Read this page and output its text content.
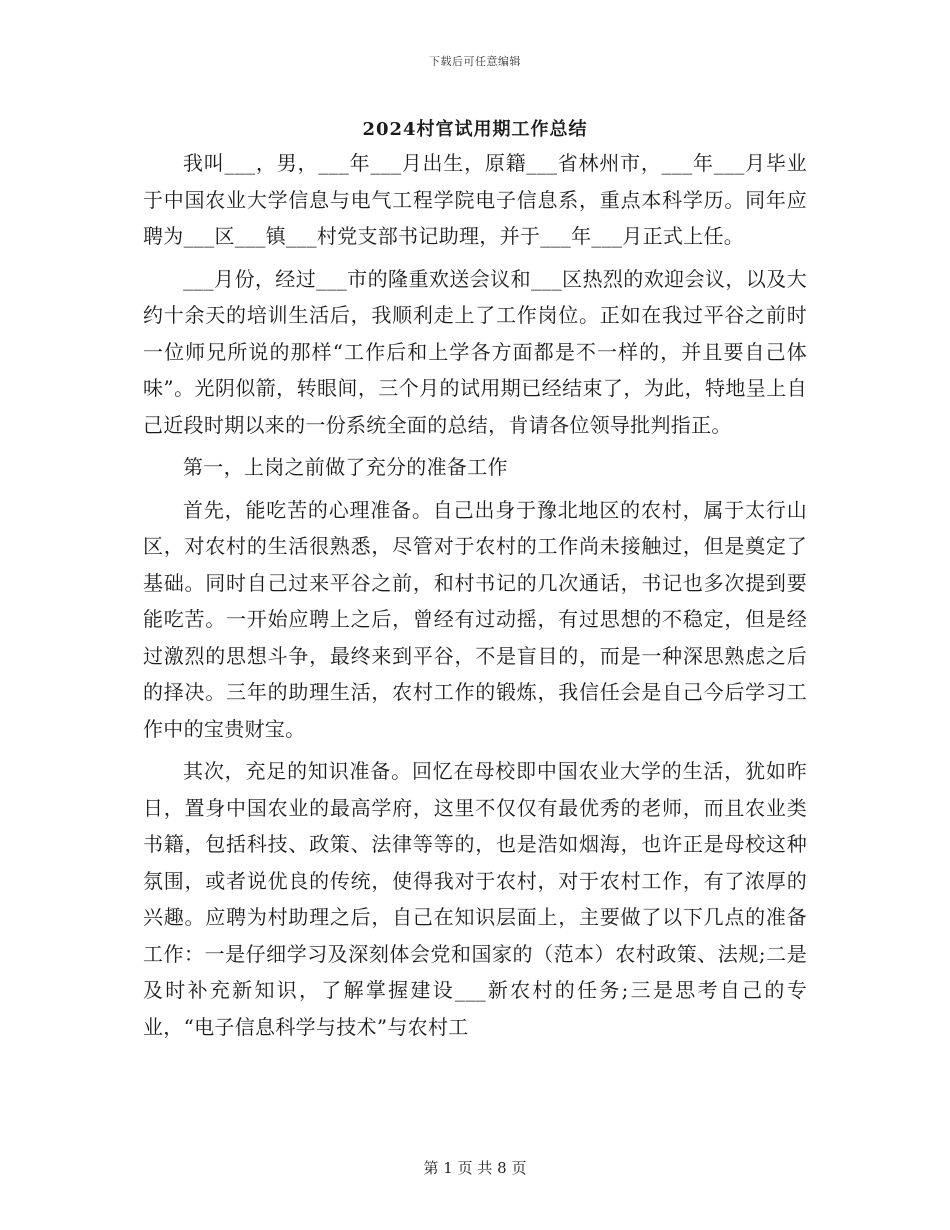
下载后可任意编辑
2024村官试用期工作总结

我叫___，男，___年___月出生，原籍___省林州市，___年___月毕业于中国农业大学信息与电气工程学院电子信息系，重点本科学历。同年应聘为___区___镇___村党支部书记助理，并于___年___月正式上任。

___月份，经过___市的隆重欢送会议和___区热烈的欢迎会议，以及大约十余天的培训生活后，我顺利走上了工作岗位。正如在我过平谷之前时一位师兄所说的那样“工作后和上学各方面都是不一样的，并且要自己体味”。光阴似箭，转眼间，三个月的试用期已经结束了，为此，特地呈上自己近段时期以来的一份系统全面的总结，肯请各位领导批判指正。

第一，上岗之前做了充分的准备工作

首先，能吃苦的心理准备。自己出身于豫北地区的农村，属于太行山区，对农村的生活很熟悉，尽管对于农村的工作尚未接触过，但是奠定了基础。同时自己过来平谷之前，和村书记的几次通话，书记也多次提到要能吃苦。一开始应聘上之后，曾经有过动摇，有过思想的不稳定，但是经过激烈的思想斗争，最终来到平谷，不是盲目的，而是一种深思熟虑之后的择决。三年的助理生活，农村工作的锻炼，我信任会是自己今后学习工作中的宝贵财宝。

其次，充足的知识准备。回忆在母校即中国农业大学的生活，犹如昨日，置身中国农业的最高学府，这里不仅仅有最优秀的老师，而且农业类书籍，包括科技、政策、法律等等的，也是浩如烟海，也许正是母校这种氛围，或者说优良的传统，使得我对于农村，对于农村工作，有了浓厚的兴趣。应聘为村助理之后，自己在知识层面上，主要做了以下几点的准备工作：一是仔细学习及深刻体会党和国家的（范本）农村政策、法规;二是及时补充新知识，了解掌握建设___新农村的任务;三是思考自己的专业，“电子信息科学与技术”与农村工

第 1 页 共 8 页
